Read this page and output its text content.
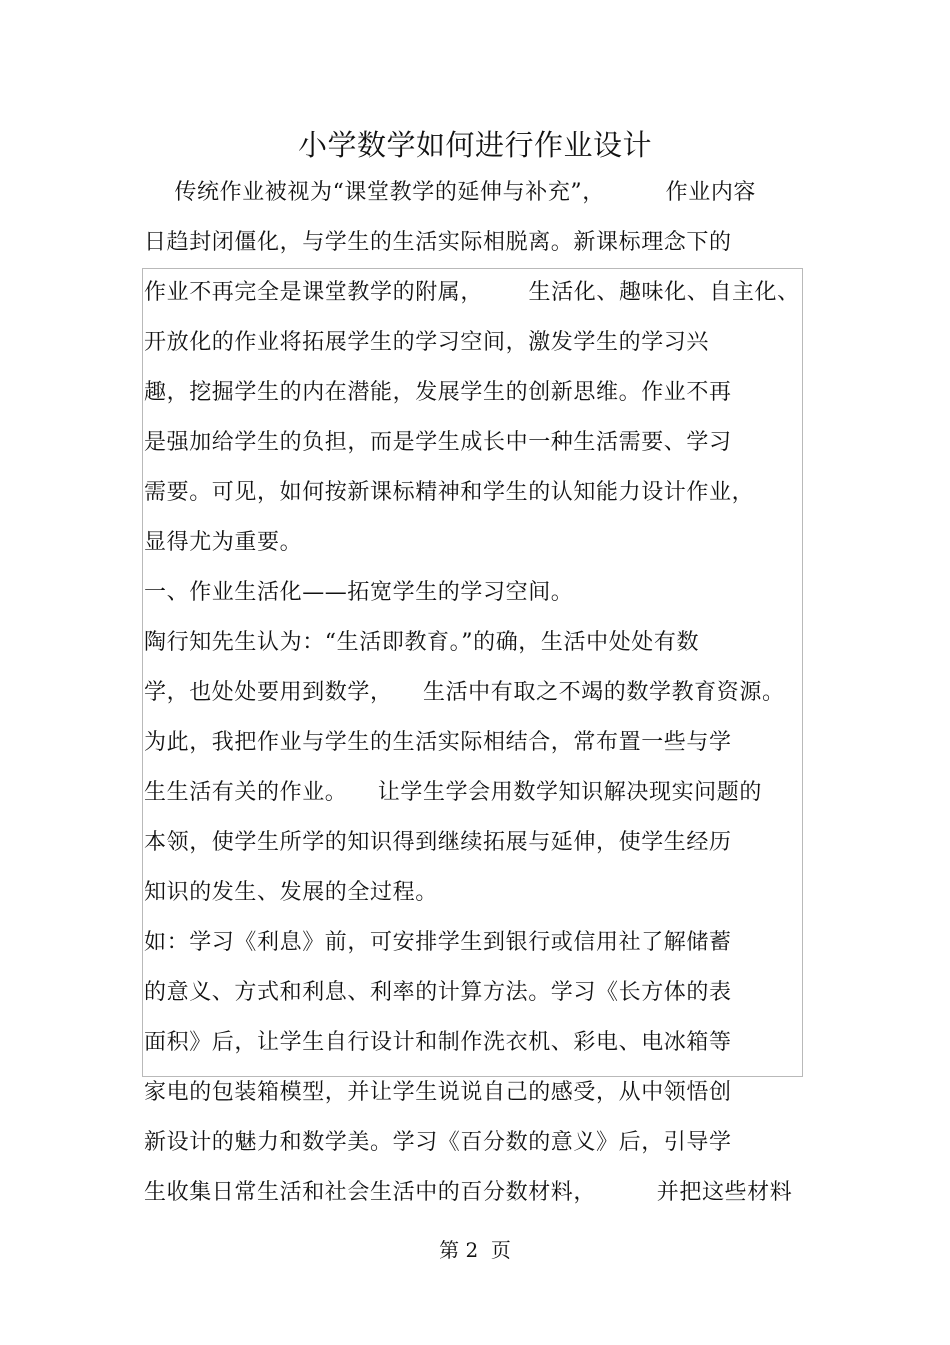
小学数学如何进行作业设计
传统作业被视为“课堂教学的延伸与补充”，        作业内容
日趋封闭僵化，与学生的生活实际相脱离。新课标理念下的
作业不再完全是课堂教学的附属，      生活化、趣味化、自主化、
开放化的作业将拓展学生的学习空间，激发学生的学习兴
趣，挖掘学生的内在潜能，发展学生的创新思维。作业不再
是强加给学生的负担，而是学生成长中一种生活需要、学习
需要。可见，如何按新课标精神和学生的认知能力设计作业，
显得尤为重要。
一、作业生活化——拓宽学生的学习空间。
陶行知先生认为：“生活即教育。”的确，生活中处处有数
学，也处处要用到数学，    生活中有取之不竭的数学教育资源。
为此，我把作业与学生的生活实际相结合，常布置一些与学
生生活有关的作业。    让学生学会用数学知识解决现实问题的
本领，使学生所学的知识得到继续拓展与延伸，使学生经历
知识的发生、发展的全过程。
如：学习《利息》前，可安排学生到银行或信用社了解储蓄
的意义、方式和利息、利率的计算方法。学习《长方体的表
面积》后，让学生自行设计和制作洗衣机、彩电、电冰箱等
家电的包装箱模型，并让学生说说自己的感受，从中领悟创
新设计的魅力和数学美。学习《百分数的意义》后，引导学
生收集日常生活和社会生活中的百分数材料，        并把这些材料
第 2  页
